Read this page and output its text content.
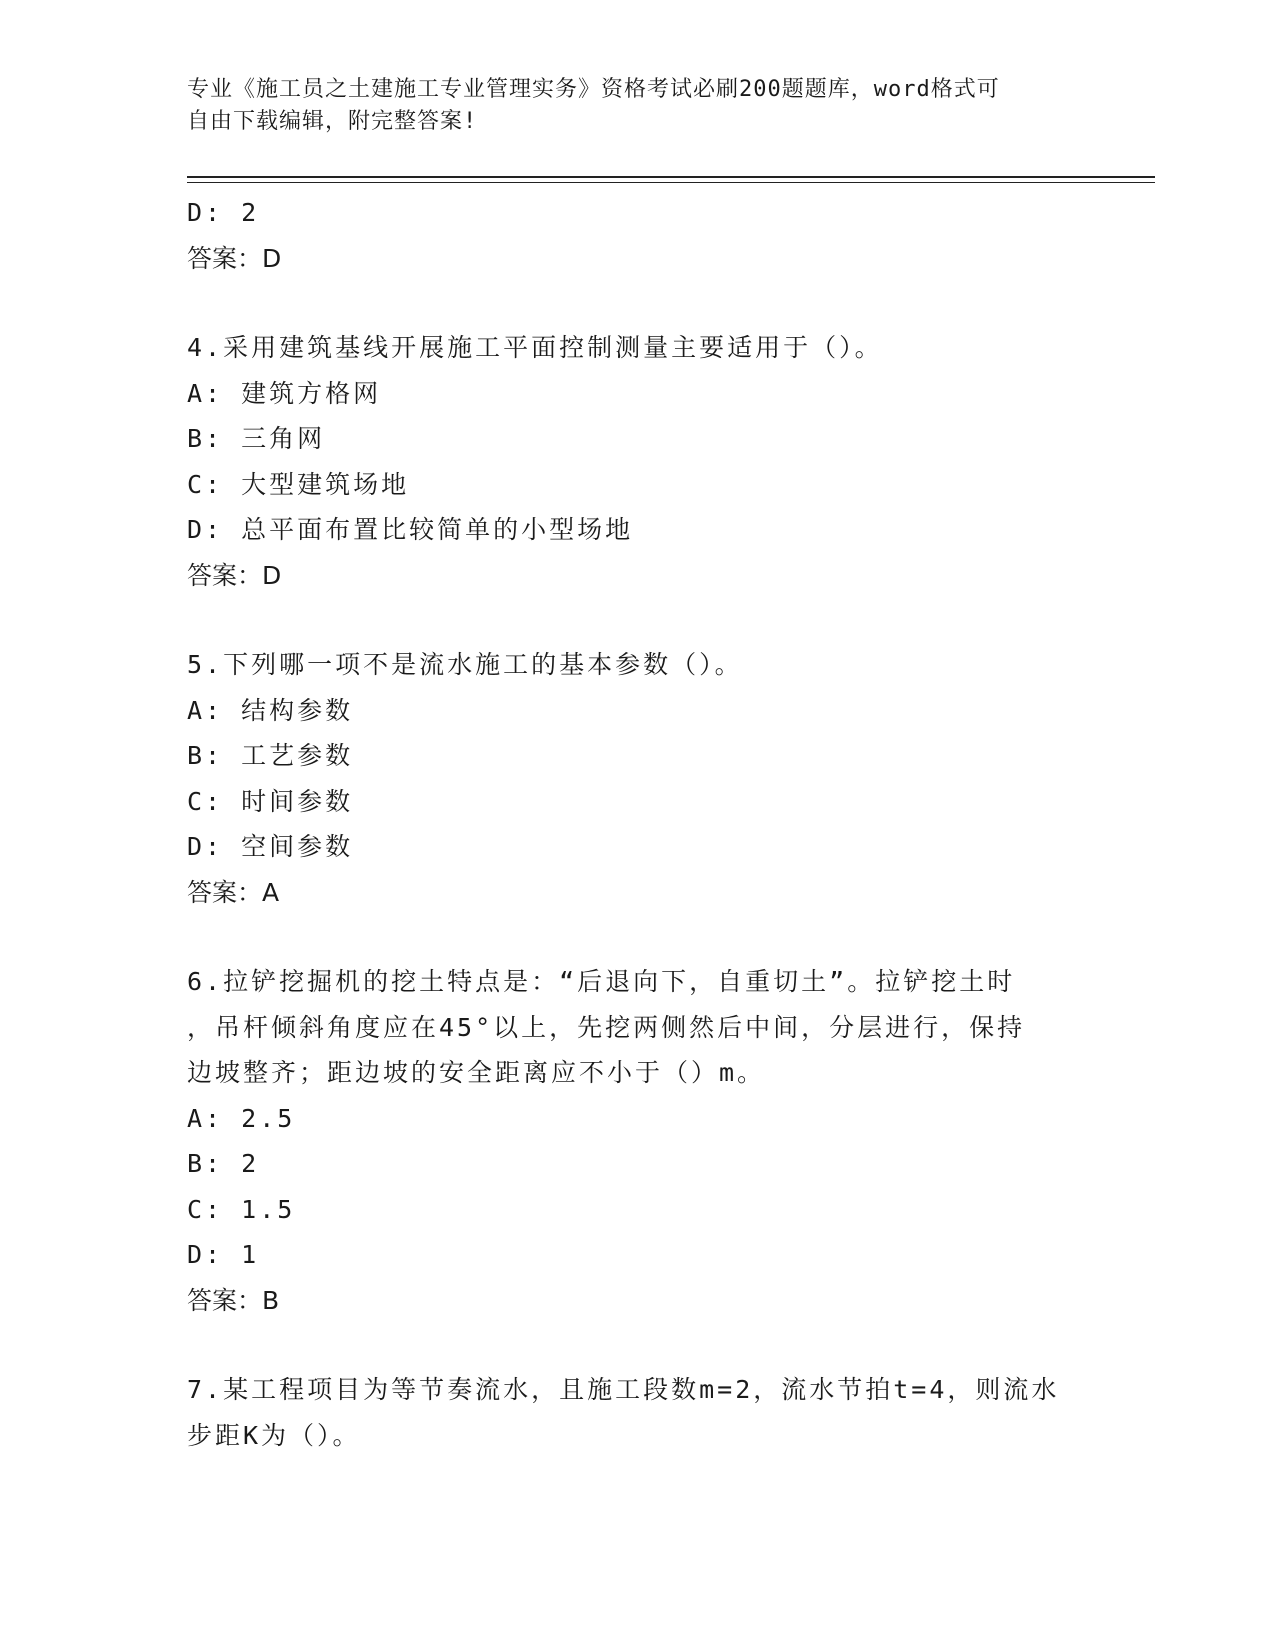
专业《施工员之土建施工专业管理实务》资格考试必刷200题题库，word格式可
自由下载编辑，附完整答案!
D: 2
答案：D
4.采用建筑基线开展施工平面控制测量主要适用于（）。
A: 建筑方格网
B: 三角网
C: 大型建筑场地
D: 总平面布置比较简单的小型场地
答案：D
5.下列哪一项不是流水施工的基本参数（）。
A: 结构参数
B: 工艺参数
C: 时间参数
D: 空间参数
答案：A
6.拉铲挖掘机的挖土特点是：“后退向下，自重切土”。拉铲挖土时
，吊杆倾斜角度应在45°以上，先挖两侧然后中间，分层进行，保持
边坡整齐；距边坡的安全距离应不小于（）m。
A: 2.5
B: 2
C: 1.5
D: 1
答案：B
7.某工程项目为等节奏流水，且施工段数m=2，流水节拍t=4，则流水
步距K为（）。
